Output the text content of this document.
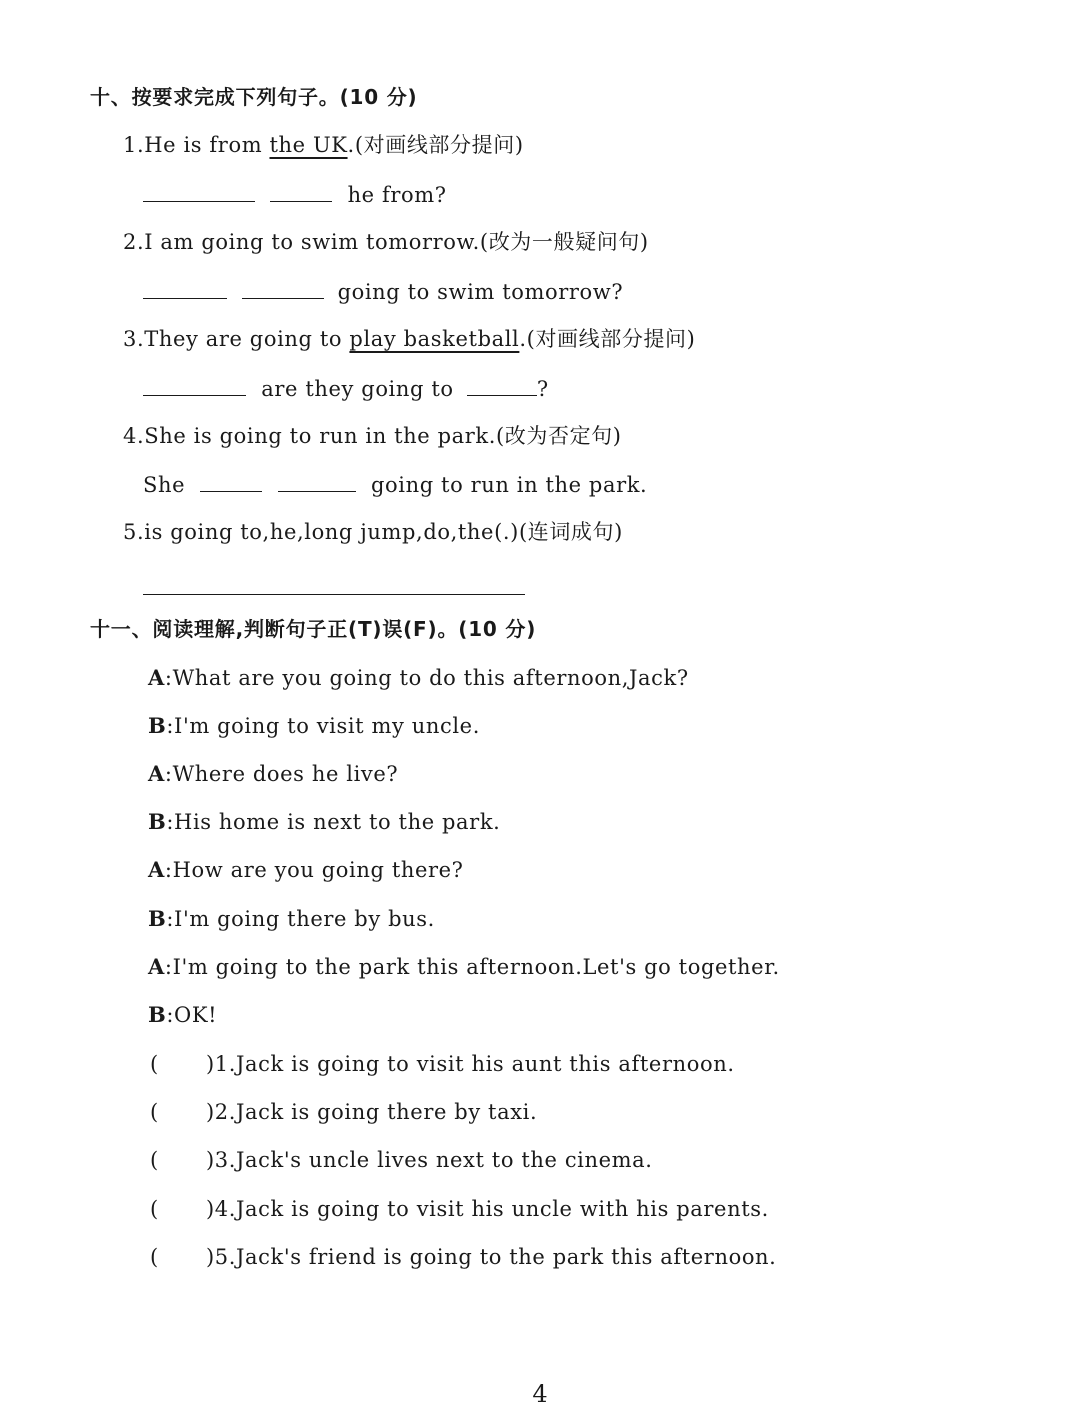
十、按要求完成下列句子。(10 分)
1.He is from the UK.(对画线部分提问)
he from?
2.I am going to swim tomorrow.(改为一般疑问句)
going to swim tomorrow?
3.They are going to play basketball.(对画线部分提问)
are they going to	?
4.She is going to run in the park.(改为否定句)
She	going to run in the park.
5.is going to,he,long jump,do,the(.)(连词成句)
十一、阅读理解,判断句子正(T)误(F)。(10 分)
A:What are you going to do this afternoon,Jack?
B:I'm going to visit my uncle.
A:Where does he live?
B:His home is next to the park.
A:How are you going there?
B:I'm going there by bus.
A:I'm going to the park this afternoon.Let's go together.
B:OK!
( )1.Jack is going to visit his aunt this afternoon.
( )2.Jack is going there by taxi.
( )3.Jack's uncle lives next to the cinema.
( )4.Jack is going to visit his uncle with his parents.
( )5.Jack's friend is going to the park this afternoon.
4
